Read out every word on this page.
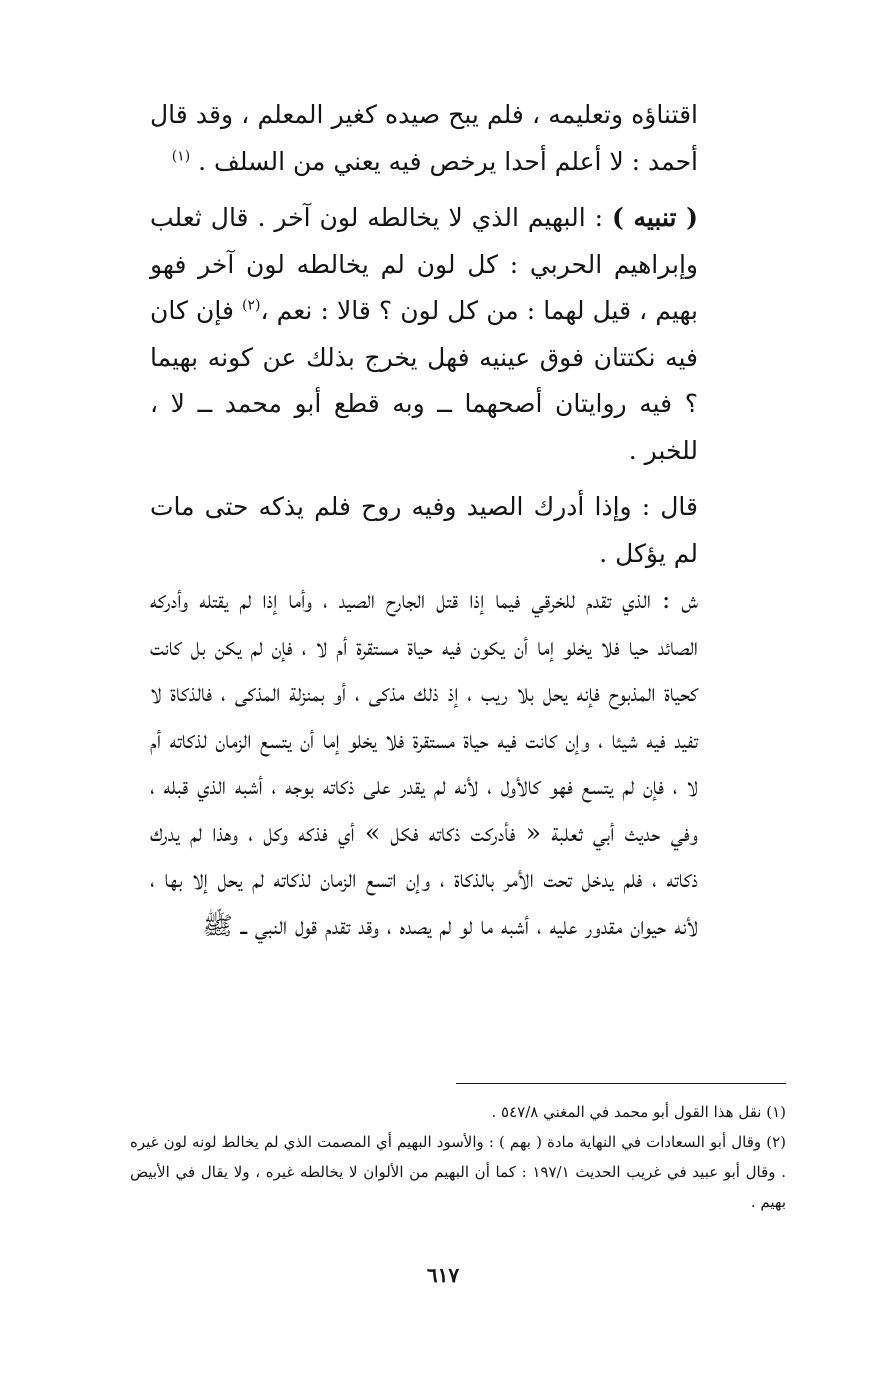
اقتناؤه وتعليمه ، فلم يبح صيده كغير المعلم ، وقد قال أحمد : لا أعلم أحدا يرخص فيه يعني من السلف . $^{(١)}$

( تنبيه ) : البهيم الذي لا يخالطه لون آخر . قال ثعلب وإبراهيم الحربي : كل لون لم يخالطه لون آخر فهو بهيم ، قيل لهما : من كل لون ؟ قالا : نعم ،$^{(٢)}$ فإن كان فيه نكتتان فوق عينيه فهل يخرج بذلك عن كونه بهيما ؟ فيه روايتان أصحهما ــ وبه قطع أبو محمد ــ لا ، للخبر .

قال : وإذا أدرك الصيد وفيه روح فلم يذكه حتى مات لم يؤكل .

ش : الذي تقدم للخرقي فيما إذا قتل الجارح الصيد ، وأما إذا لم يقتله وأدركه الصائد حيا فلا يخلو إما أن يكون فيه حياة مستقرة أم لا ، فإن لم يكن بل كانت كحياة المذبوح فإنه يحل بلا ريب ، إذ ذلك مذكى ، أو بمنزلة المذكى ، فالذكاة لا تفيد فيه شيئا ، وإن كانت فيه حياة مستقرة فلا يخلو إما أن يتسع الزمان لذكاته أم لا ، فإن لم يتسع فهو كالأول ، لأنه لم يقدر على ذكاته بوجه ، أشبه الذي قبله ، وفي حديث أبي ثعلبة « فأدركت ذكاته فكل » أي فذكه وكل ، وهذا لم يدرك ذكاته ، فلم يدخل تحت الأمر بالذكاة ، وإن اتسع الزمان لذكاته لم يحل إلا بها ، لأنه حيوان مقدور عليه ، أشبه ما لو لم يصده ، وقد تقدم قول النبي ــ ﷺ

(١) نقل هذا القول أبو محمد في المغني ٥٤٧/٨ .

(٢) وقال أبو السعادات في النهاية مادة ( بهم ) : والأسود البهيم أي المصمت الذي لم يخالط لونه لون غيره . وقال أبو عبيد في غريب الحديث ١٩٧/١ : كما أن البهيم من الألوان لا يخالطه غيره ، ولا يقال في الأبيض بهيم .

٦١٧
